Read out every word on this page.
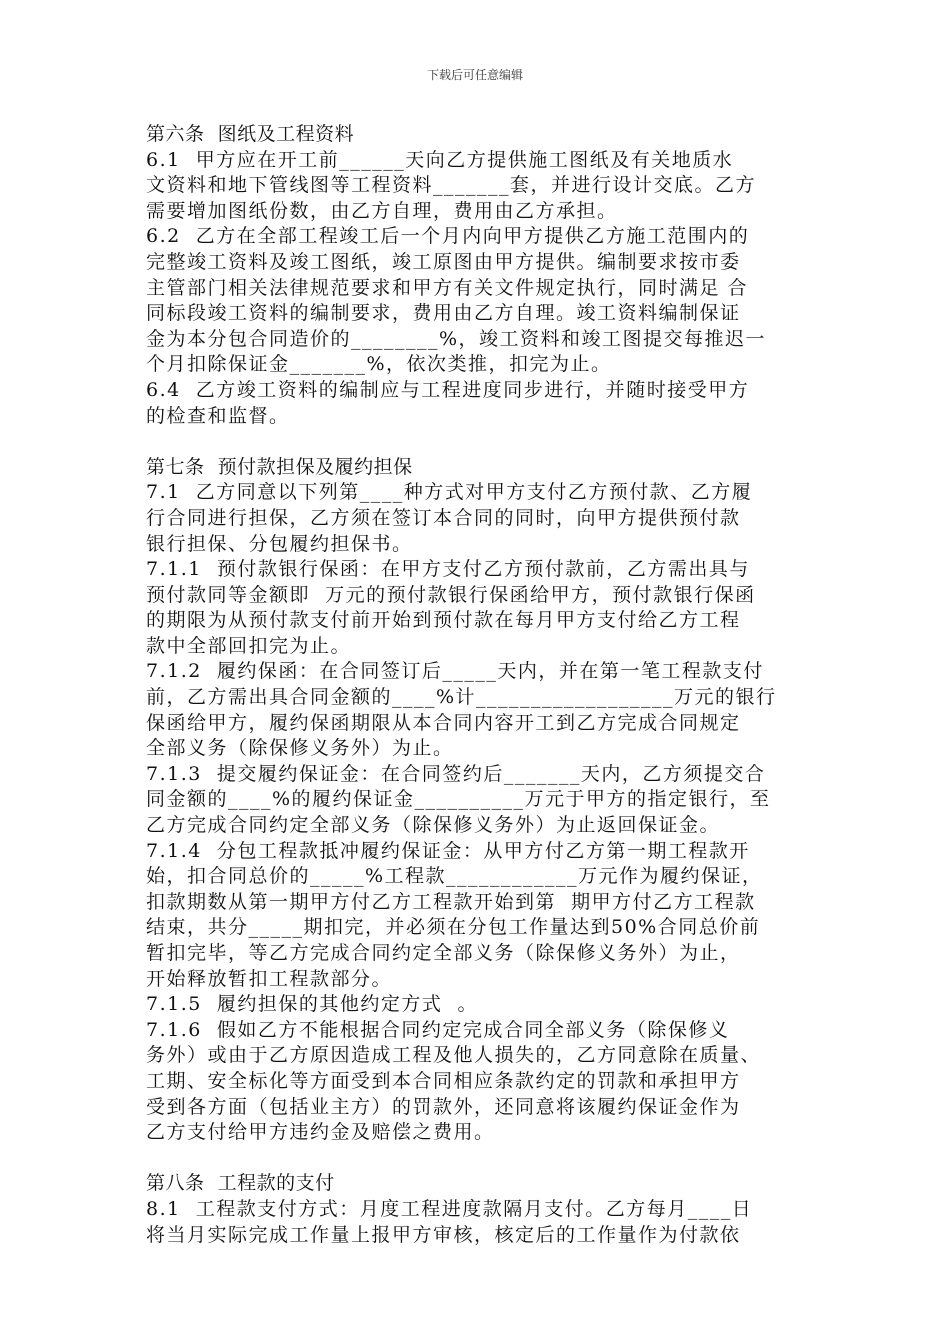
下载后可任意编辑
第六条  图纸及工程资料
6.1  甲方应在开工前______天向乙方提供施工图纸及有关地质水
文资料和地下管线图等工程资料_______套，并进行设计交底。乙方
需要增加图纸份数，由乙方自理，费用由乙方承担。
6.2  乙方在全部工程竣工后一个月内向甲方提供乙方施工范围内的
完整竣工资料及竣工图纸，竣工原图由甲方提供。编制要求按市委
主管部门相关法律规范要求和甲方有关文件规定执行，同时满足 合
同标段竣工资料的编制要求，费用由乙方自理。竣工资料编制保证
金为本分包合同造价的________%，竣工资料和竣工图提交每推迟一
个月扣除保证金_______%，依次类推，扣完为止。
6.4  乙方竣工资料的编制应与工程进度同步进行，并随时接受甲方
的检查和监督。
第七条  预付款担保及履约担保
7.1  乙方同意以下列第____种方式对甲方支付乙方预付款、乙方履
行合同进行担保，乙方须在签订本合同的同时，向甲方提供预付款
银行担保、分包履约担保书。
7.1.1  预付款银行保函：在甲方支付乙方预付款前，乙方需出具与
预付款同等金额即  万元的预付款银行保函给甲方，预付款银行保函
的期限为从预付款支付前开始到预付款在每月甲方支付给乙方工程
款中全部回扣完为止。
7.1.2  履约保函：在合同签订后_____天内，并在第一笔工程款支付
前，乙方需出具合同金额的____%计__________________万元的银行
保函给甲方，履约保函期限从本合同内容开工到乙方完成合同规定
全部义务（除保修义务外）为止。
7.1.3  提交履约保证金：在合同签约后_______天内，乙方须提交合
同金额的____%的履约保证金__________万元于甲方的指定银行，至
乙方完成合同约定全部义务（除保修义务外）为止返回保证金。
7.1.4  分包工程款抵冲履约保证金：从甲方付乙方第一期工程款开
始，扣合同总价的_____%工程款____________万元作为履约保证，
扣款期数从第一期甲方付乙方工程款开始到第  期甲方付乙方工程款
结束，共分_____期扣完，并必须在分包工作量达到50%合同总价前
暂扣完毕，等乙方完成合同约定全部义务（除保修义务外）为止，
开始释放暂扣工程款部分。
7.1.5  履约担保的其他约定方式  。
7.1.6  假如乙方不能根据合同约定完成合同全部义务（除保修义
务外）或由于乙方原因造成工程及他人损失的，乙方同意除在质量、
工期、安全标化等方面受到本合同相应条款约定的罚款和承担甲方
受到各方面（包括业主方）的罚款外，还同意将该履约保证金作为
乙方支付给甲方违约金及赔偿之费用。
第八条  工程款的支付
8.1  工程款支付方式：月度工程进度款隔月支付。乙方每月____日
将当月实际完成工作量上报甲方审核，核定后的工作量作为付款依
